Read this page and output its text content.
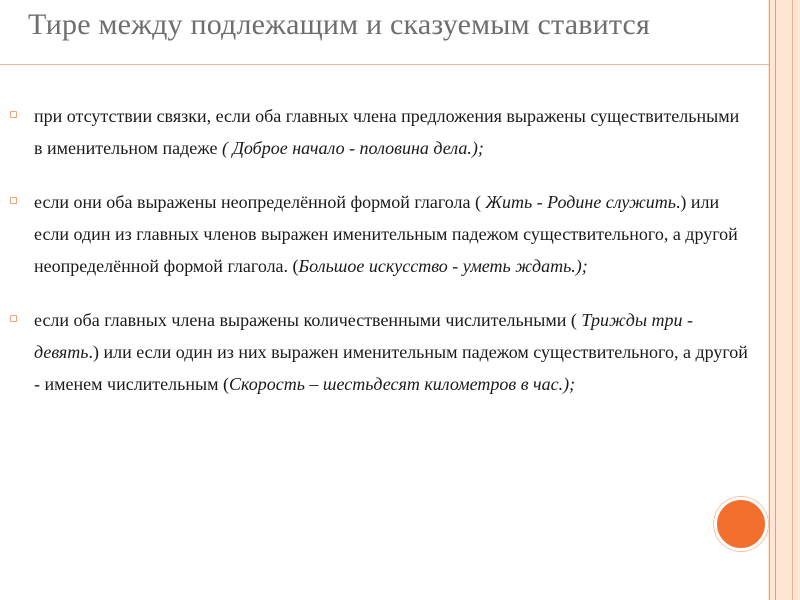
Тире между подлежащим и сказуемым ставится
при отсутствии связки, если оба главных члена предложения выражены существительными в именительном падеже ( Доброе начало - половина дела.);
если они оба выражены неопределённой формой глагола ( Жить - Родине служить.) или если один из главных членов выражен именительным падежом существительного, а другой неопределённой формой глагола. (Большое искусство - уметь ждать.);
если оба главных члена выражены количественными числительными ( Трижды три - девять.) или если один из них выражен именительным падежом существительного, а другой - именем числительным (Скорость – шестьдесят километров в час.);
